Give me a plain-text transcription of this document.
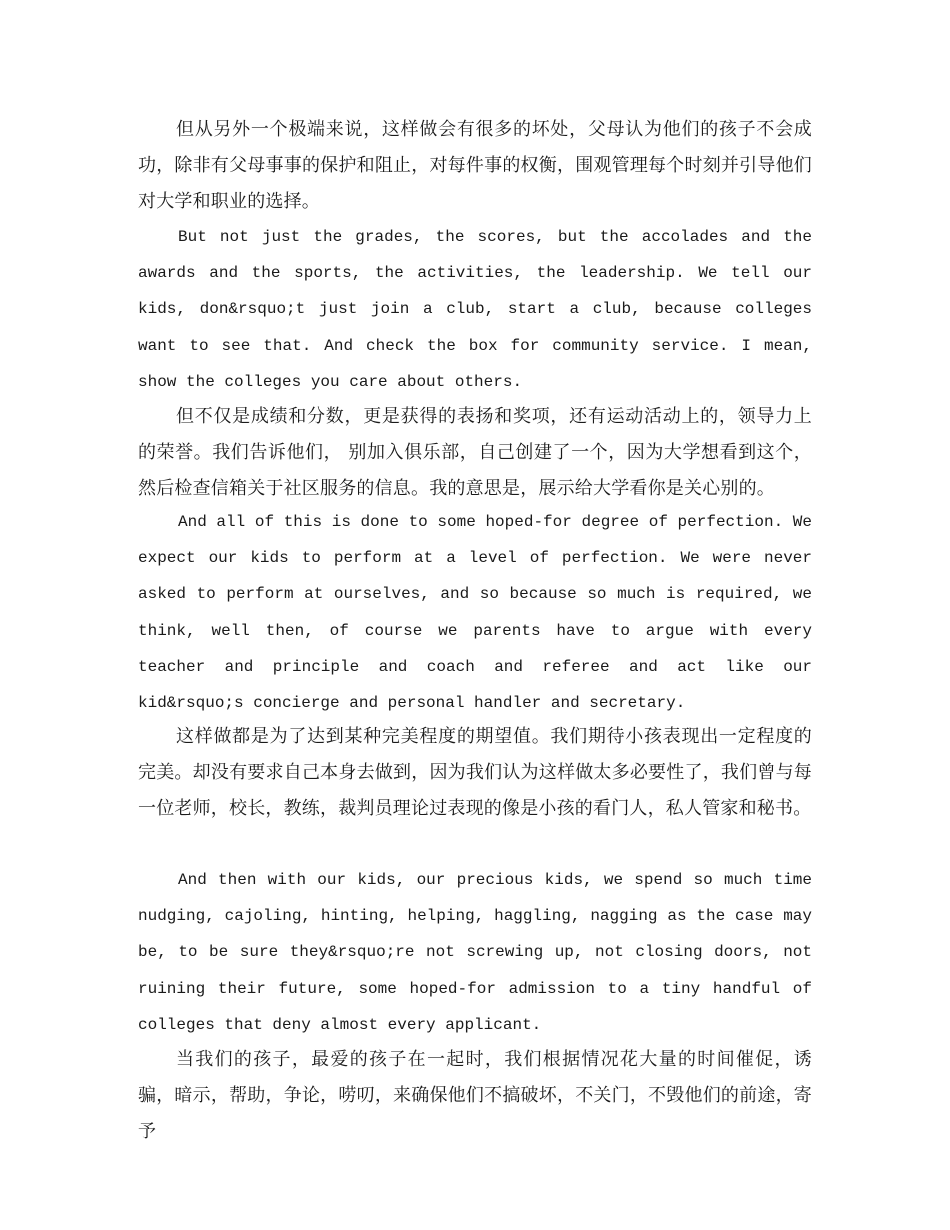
但从另外一个极端来说，这样做会有很多的坏处，父母认为他们的孩子不会成功，除非有父母事事的保护和阻止，对每件事的权衡，围观管理每个时刻并引导他们对大学和职业的选择。

But not just the grades, the scores, but the accolades and the awards and the sports, the activities, the leadership. We tell our kids, don&rsquo;t just join a club, start a club, because colleges want to see that. And check the box for community service. I mean, show the colleges you care about others.

但不仅是成绩和分数，更是获得的表扬和奖项，还有运动活动上的，领导力上的荣誉。我们告诉他们， 别加入俱乐部，自己创建了一个，因为大学想看到这个，然后检查信箱关于社区服务的信息。我的意思是，展示给大学看你是关心别的。

And all of this is done to some hoped-for degree of perfection. We expect our kids to perform at a level of perfection. We were never asked to perform at ourselves, and so because so much is required, we think, well then, of course we parents have to argue with every teacher and principle and coach and referee and act like our kid&rsquo;s concierge and personal handler and secretary.

这样做都是为了达到某种完美程度的期望值。我们期待小孩表现出一定程度的完美。却没有要求自己本身去做到，因为我们认为这样做太多必要性了，我们曾与每一位老师，校长，教练，裁判员理论过表现的像是小孩的看门人，私人管家和秘书。

And then with our kids, our precious kids, we spend so much time nudging, cajoling, hinting, helping, haggling, nagging as the case may be, to be sure they&rsquo;re not screwing up, not closing doors, not ruining their future, some hoped-for admission to a tiny handful of colleges that deny almost every applicant.

当我们的孩子，最爱的孩子在一起时，我们根据情况花大量的时间催促，诱骗，暗示，帮助，争论，唠叨，来确保他们不搞破坏，不关门，不毁他们的前途，寄予
